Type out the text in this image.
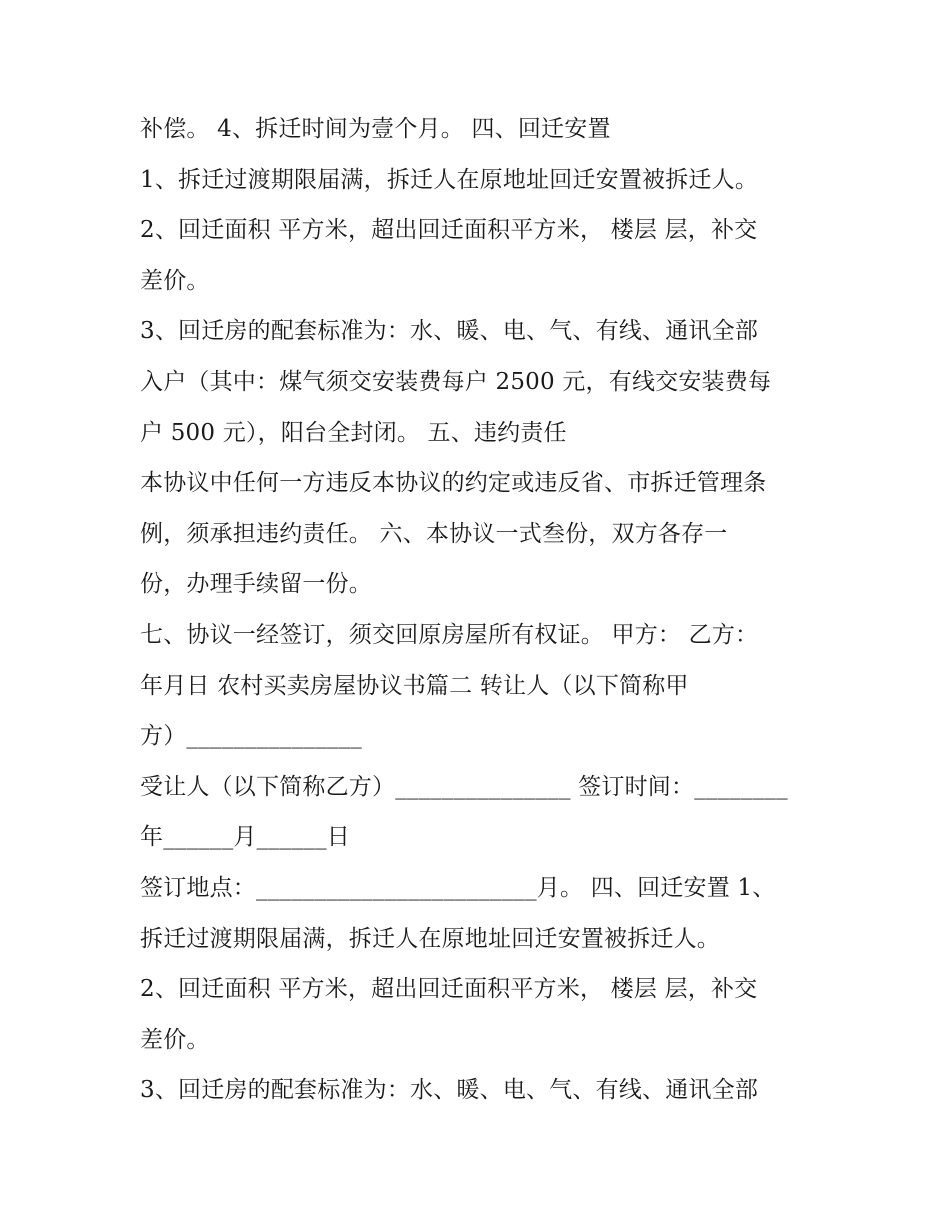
补偿。 4、拆迁时间为壹个月。 四、回迁安置
1、拆迁过渡期限届满，拆迁人在原地址回迁安置被拆迁人。
2、回迁面积 平方米，超出回迁面积平方米， 楼层 层，补交
差价。
3、回迁房的配套标准为：水、暖、电、气、有线、通讯全部
入户（其中：煤气须交安装费每户 2500 元，有线交安装费每
户 500 元），阳台全封闭。 五、违约责任
本协议中任何一方违反本协议的约定或违反省、市拆迁管理条
例，须承担违约责任。 六、本协议一式叁份，双方各存一
份，办理手续留一份。
七、协议一经签订，须交回原房屋所有权证。 甲方： 乙方：
年月日 农村买卖房屋协议书篇二 转让人（以下简称甲
方）_______________
受让人（以下简称乙方）_______________ 签订时间：________
年______月______日
签订地点：________________________月。 四、回迁安置 1、
拆迁过渡期限届满，拆迁人在原地址回迁安置被拆迁人。
2、回迁面积 平方米，超出回迁面积平方米， 楼层 层，补交
差价。
3、回迁房的配套标准为：水、暖、电、气、有线、通讯全部
